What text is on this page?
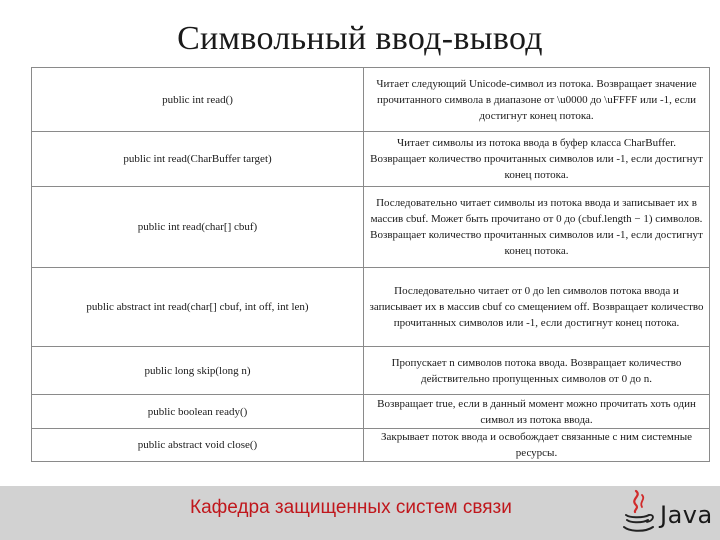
Символьный ввод-вывод
public int read()	Читает следующий Unicode-символ из потока. Возвращает значение прочитанного символа в диапазоне от \u0000 до \uFFFF или -1, если достигнут конец потока.
public int read(CharBuffer target)	Читает символы из потока ввода в буфер класса CharBuffer. Возвращает количество прочитанных символов или -1, если достигнут конец потока.
public int read(char[] cbuf)	Последовательно читает символы из потока ввода и записывает их в массив cbuf. Может быть прочитано от 0 до (cbuf.length − 1) символов. Возвращает количество прочитанных символов или -1, если достигнут конец потока.
public abstract int read(char[] cbuf, int off, int len)	Последовательно читает от 0 до len символов потока ввода и записывает их в массив cbuf со смещением off. Возвращает количество прочитанных символов или -1, если достигнут конец потока.
public long skip(long n)	Пропускает n символов потока ввода. Возвращает количество действительно пропущенных символов от 0 до n.
public boolean ready()	Возвращает true, если в данный момент можно прочитать хоть один символ из потока ввода.
public abstract void close()	Закрывает поток ввода и освобождает связанные с ним системные ресурсы.
Кафедра защищенных систем связи	Java
